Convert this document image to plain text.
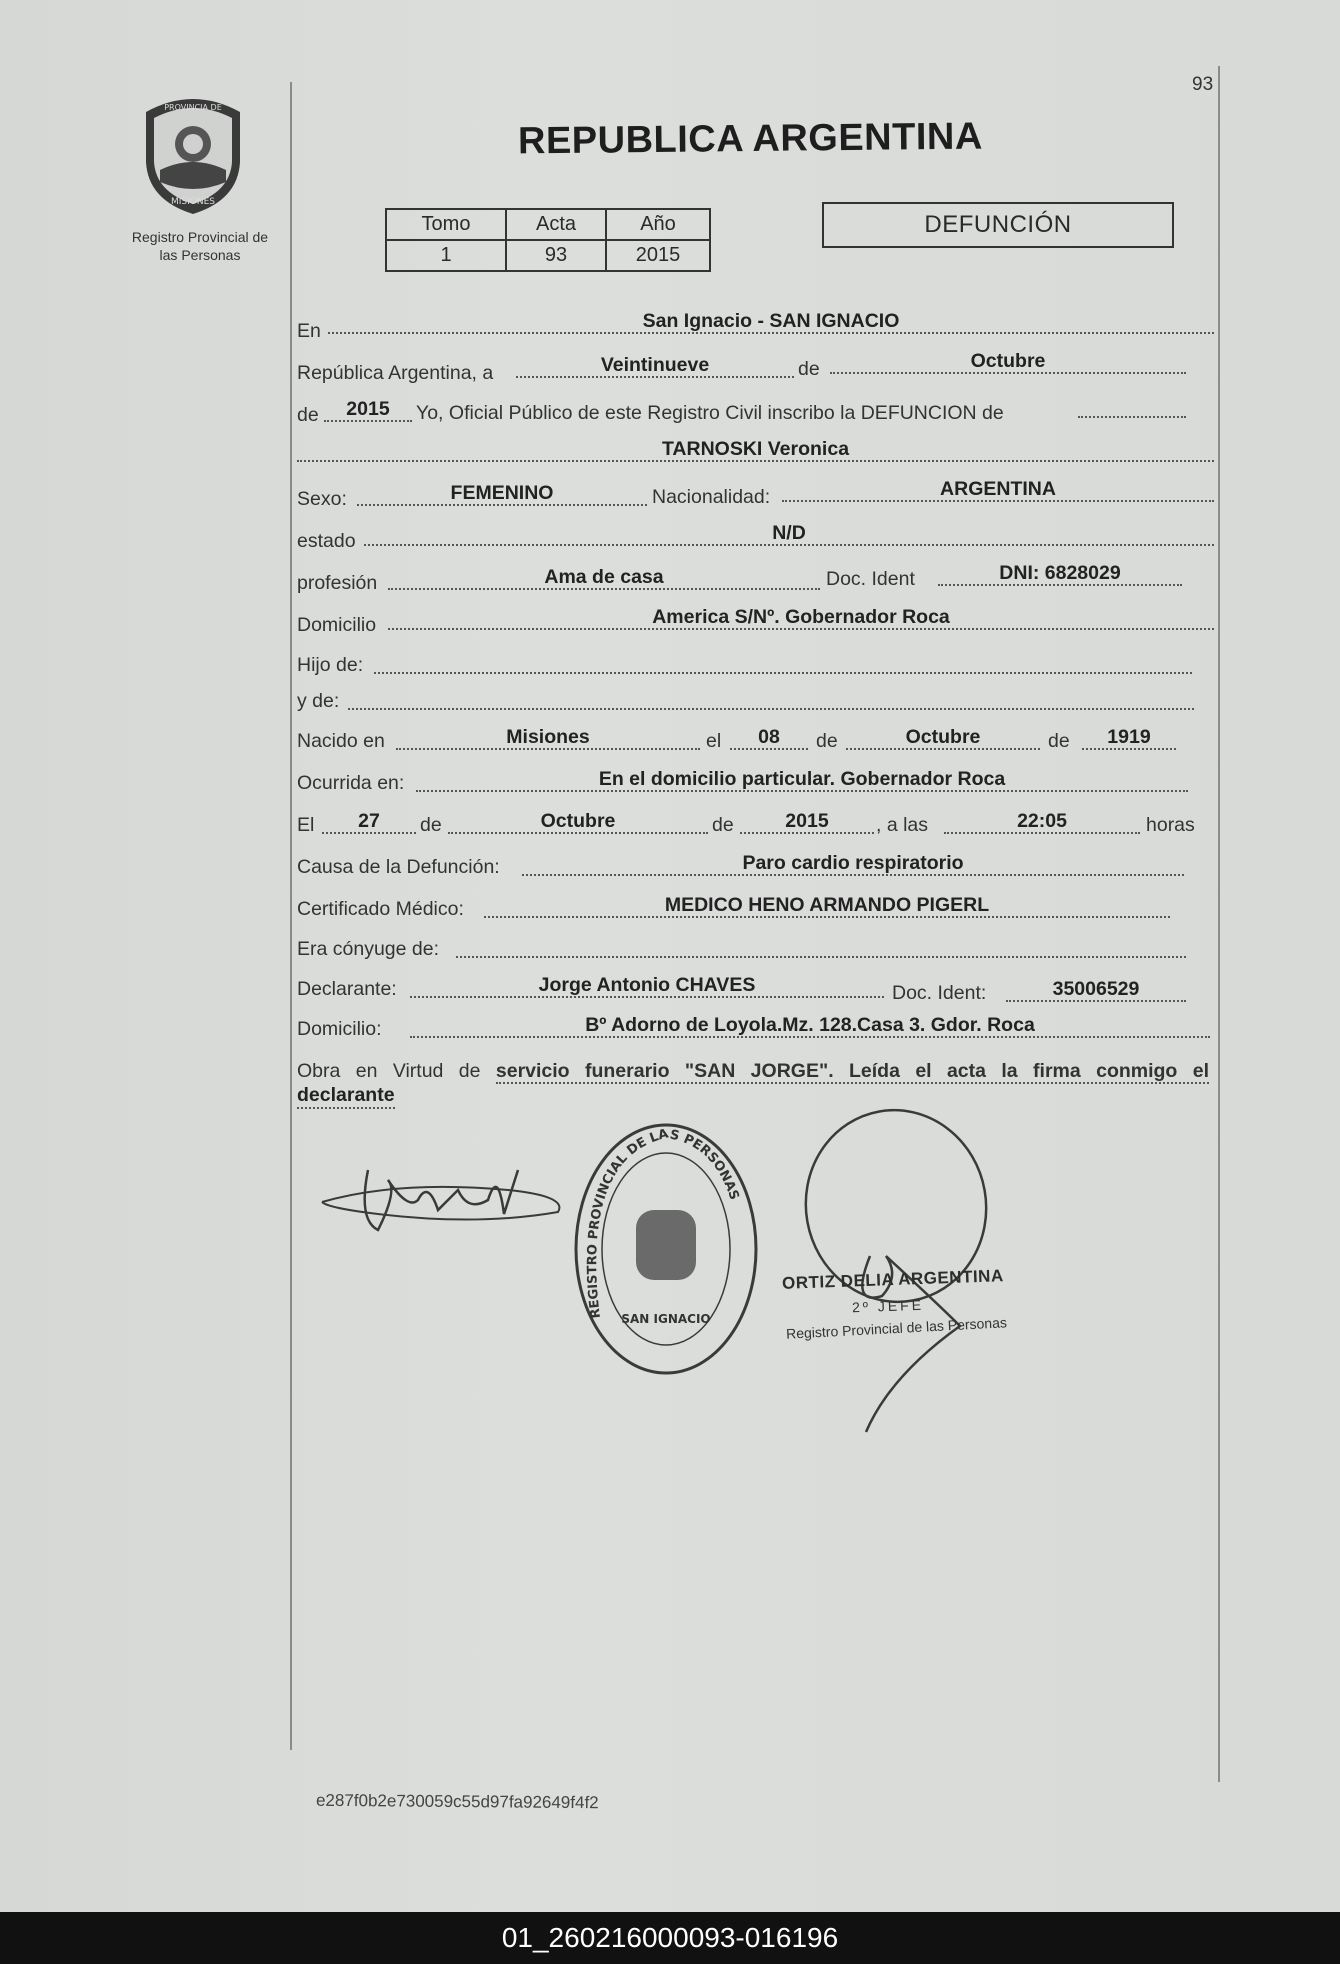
93
PROVINCIA DE
MISIONES
Registro Provincial de
las Personas
REPUBLICA ARGENTINA
Tomo	Acta	Año
1	93	2015
DEFUNCIÓN
En	San Ignacio - SAN IGNACIO
República Argentina, a	Veintinueve	de	Octubre
de	2015	Yo, Oficial Público de este Registro Civil inscribo la DEFUNCION de
TARNOSKI Veronica
Sexo:	FEMENINO	Nacionalidad:	ARGENTINA
estado	N/D
profesión	Ama de casa	Doc. Ident	DNI: 6828029
Domicilio	America S/Nº. Gobernador Roca
Hijo de:
y de:
Nacido en	Misiones	el	08	de	Octubre	de	1919
Ocurrida en:	En el domicilio particular. Gobernador Roca
El	27	de	Octubre	de	2015	, a las	22:05	horas
Causa de la Defunción:	Paro cardio respiratorio
Certificado Médico:	MEDICO HENO ARMANDO PIGERL
Era cónyuge de:
Declarante:	Jorge Antonio CHAVES	Doc. Ident:	35006529
Domicilio:	Bº Adorno de Loyola.Mz. 128.Casa 3. Gdor. Roca
Obra en Virtud de servicio funerario "SAN JORGE". Leída el acta la firma conmigo el
declarante
REGISTRO PROVINCIAL DE LAS PERSONAS
SAN IGNACIO
ORTIZ DELIA ARGENTINA
2º JEFE
Registro Provincial de las Personas
e287f0b2e730059c55d97fa92649f4f2
01_260216000093-016196
